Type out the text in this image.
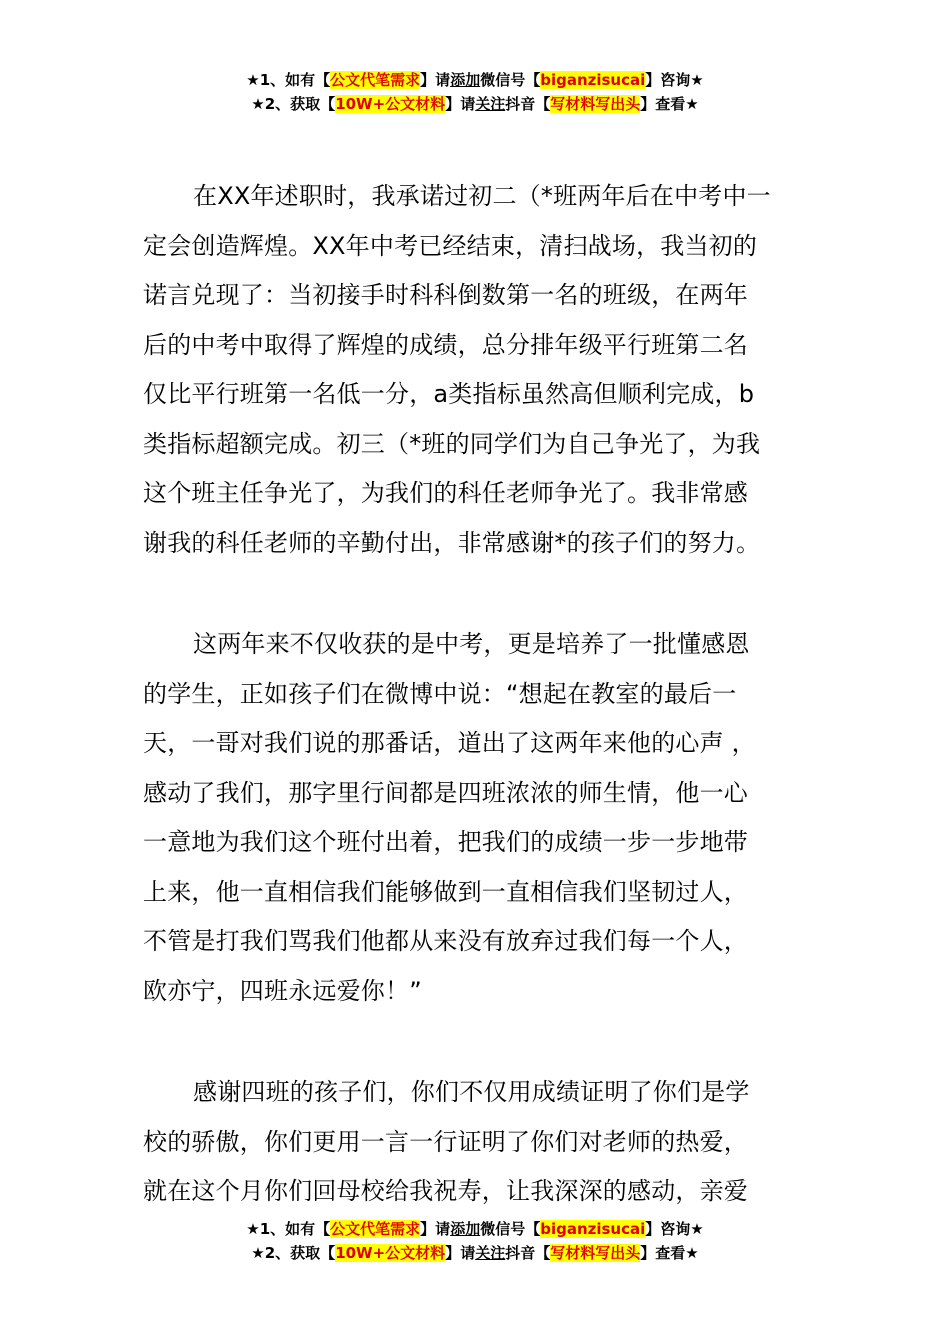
★1、如有【公文代笔需求】请添加微信号【biganzisucai】咨询★
★2、获取【10W+公文材料】请关注抖音【写材料写出头】查看★
在XX年述职时，我承诺过初二（*班两年后在中考中一
定会创造辉煌。XX年中考已经结束，清扫战场，我当初的
诺言兑现了：当初接手时科科倒数第一名的班级，在两年
后的中考中取得了辉煌的成绩，总分排年级平行班第二名
仅比平行班第一名低一分，a类指标虽然高但顺利完成，b
类指标超额完成。初三（*班的同学们为自己争光了，为我
这个班主任争光了，为我们的科任老师争光了。我非常感
谢我的科任老师的辛勤付出，非常感谢*的孩子们的努力。
这两年来不仅收获的是中考，更是培养了一批懂感恩
的学生，正如孩子们在微博中说：“想起在教室的最后一
天，一哥对我们说的那番话，道出了这两年来他的心声 ，
感动了我们，那字里行间都是四班浓浓的师生情，他一心
一意地为我们这个班付出着，把我们的成绩一步一步地带
上来，他一直相信我们能够做到一直相信我们坚韧过人，
不管是打我们骂我们他都从来没有放弃过我们每一个人，
欧亦宁，四班永远爱你！”
感谢四班的孩子们，你们不仅用成绩证明了你们是学
校的骄傲，你们更用一言一行证明了你们对老师的热爱，
就在这个月你们回母校给我祝寿，让我深深的感动，亲爱
★1、如有【公文代笔需求】请添加微信号【biganzisucai】咨询★
★2、获取【10W+公文材料】请关注抖音【写材料写出头】查看★
